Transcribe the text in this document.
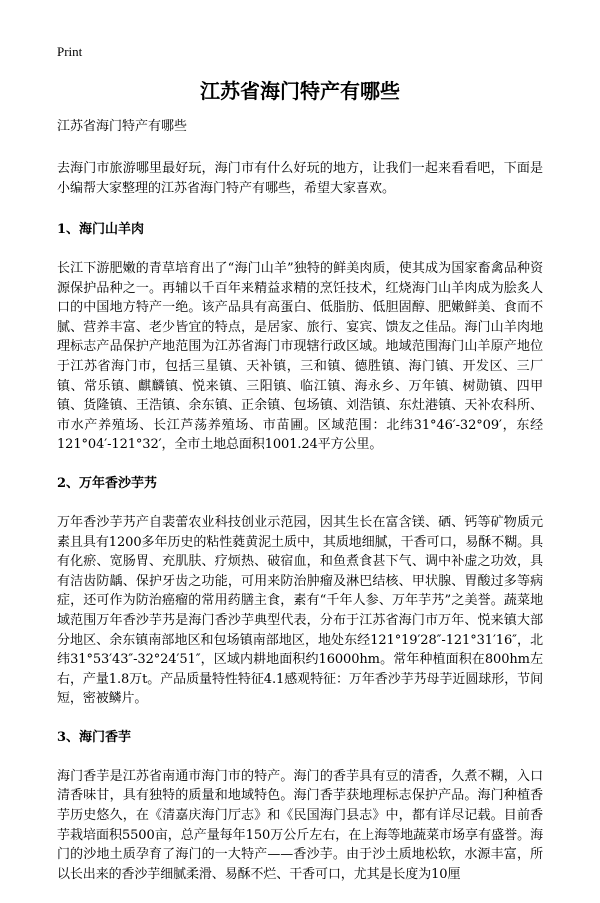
Print
江苏省海门特产有哪些

江苏省海门特产有哪些

去海门市旅游哪里最好玩，海门市有什么好玩的地方，让我们一起来看看吧，下面是小编帮大家整理的江苏省海门特产有哪些，希望大家喜欢。

1、海门山羊肉

长江下游肥嫩的青草培育出了“海门山羊”独特的鲜美肉质，使其成为国家畜禽品种资源保护品种之一。再辅以千百年来精益求精的烹饪技术，红烧海门山羊肉成为脍炙人口的中国地方特产一绝。该产品具有高蛋白、低脂肪、低胆固醇、肥嫩鲜美、食而不腻、营养丰富、老少皆宜的特点，是居家、旅行、宴宾、馈友之佳品。海门山羊肉地理标志产品保护产地范围为江苏省海门市现辖行政区域。地域范围海门山羊原产地位于江苏省海门市，包括三星镇、天补镇，三和镇、德胜镇、海门镇、开发区、三厂镇、常乐镇、麒麟镇、悦来镇、三阳镇、临江镇、海永乡、万年镇、树勋镇、四甲镇、货隆镇、王浩镇、余东镇、正余镇、包场镇、刘浩镇、东灶港镇、天补农科所、市水产养殖场、长江芦荡养殖场、市苗圃。区域范围：北纬31°46′-32°09′，东经121°04′-121°32′，全市土地总面积1001.24平方公里。

2、万年香沙芋艿

万年香沙芋艿产自裴蕾农业科技创业示范园，因其生长在富含镁、硒、钙等矿物质元素且具有1200多年历史的粘性蕤黄泥土质中，其质地细腻，干香可口，易酥不糊。具有化瘀、宽肠胃、充肌肤、疗烦热、破宿血，和鱼煮食甚下气、调中补虚之功效，具有洁齿防龋、保护牙齿之功能，可用来防治肿瘤及淋巴结核、甲状腺、胃酸过多等病症，还可作为防治癌瘤的常用药膳主食，素有“千年人参、万年芋艿”之美誉。蔬菜地域范围万年香沙芋艿是海门香沙芋典型代表，分布于江苏省海门市万年、悦来镇大部分地区、余东镇南部地区和包场镇南部地区，地处东经121°19′28″-121°31′16″，北纬31°53′43″-32°24′51″，区域内耕地面积约16000hm。常年种植面积在800hm左右，产量1.8万t。产品质量特性特征4.1感观特征：万年香沙芋艿母芋近圆球形，节间短，密被鳞片。

3、海门香芋

海门香芋是江苏省南通市海门市的特产。海门的香芋具有豆的清香，久煮不糊，入口清香味甘，具有独特的质量和地域特色。海门香芋获地理标志保护产品。海门种植香芋历史悠久，在《清嘉庆海门厅志》和《民国海门县志》中，都有详尽记载。目前香芋栽培面积5500亩，总产量每年150万公斤左右，在上海等地蔬菜市场享有盛誉。海门的沙地土质孕育了海门的一大特产——香沙芋。由于沙土质地松软，水源丰富，所以长出来的香沙芋细腻柔滑、易酥不烂、干香可口，尤其是长度为10厘
